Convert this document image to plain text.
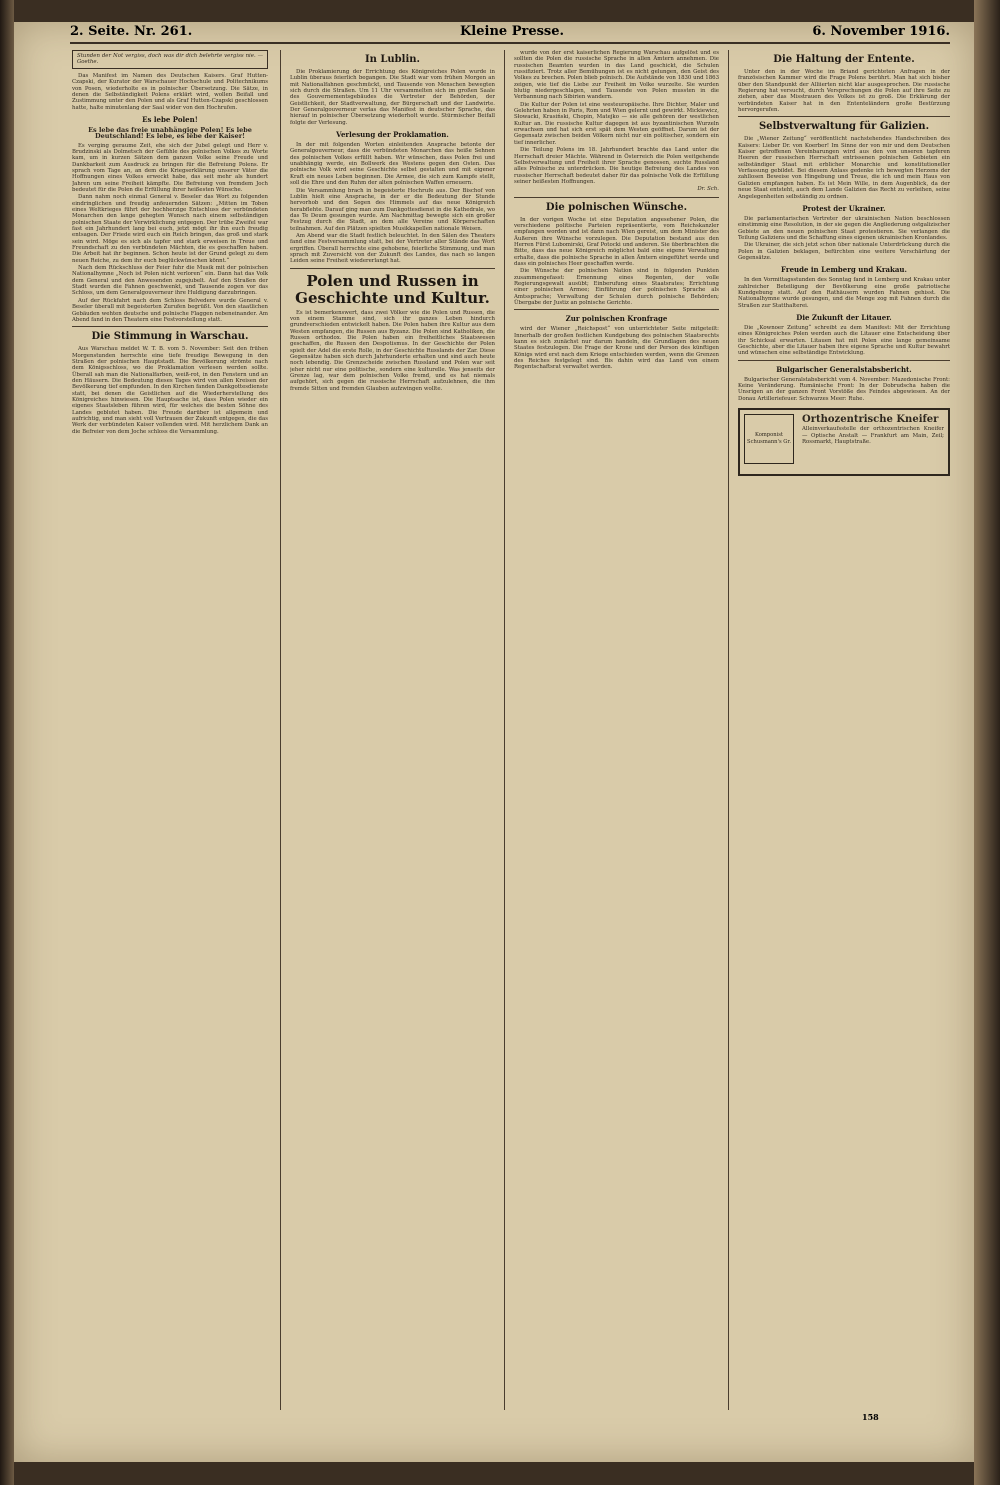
2. Seite. Nr. 261.	Kleine Presse.	6. November 1916.
Stunden der Not vergiss, doch was dir dich belehrte vergiss nie. — Goethe.

Das Manifest im Namen des Deutschen Kaisers. Graf Hutten-Czapski, der Kurator der Warschauer Hochschule und Politechnikums von Posen, wiederholte es in polnischer Übersetzung. Die Sätze, in denen die Selbständigkeit Polens erklärt wird, wollen Beifall und Zustimmung unter den Polen und als Graf Hutten-Czapski geschlossen hatte, halte minutenlang der Saal wider von den Hochrufen.

Es lebe Polen!
Es lebe das freie unabhängige Polen! Es lebe Deutschland! Es lebe, es lebe der Kaiser!

Es verging geraume Zeit, ehe sich der Jubel gelegt und Herr v. Brudzinski als Dolmetsch der Gefühle des polnischen Volkes zu Worte kam, um in kurzen Sätzen dem ganzen Volke seine Freude und Dankbarkeit zum Ausdruck zu bringen für die Befreiung Polens. Er sprach vom Tage an, an dem die Kriegserklärung unserer Väter die Hoffnungen eines Volkes erweckt habe, das seit mehr als hundert Jahren um seine Freiheit kämpfte. Die Befreiung von fremdem Joch bedeutet für die Polen die Erfüllung ihrer heißesten Wünsche.

Dann nahm noch einmal General v. Beseler das Wort zu folgenden eindringlichen und freudig anfeuernden Sätzen: „Mitten im Toben eines Weltkrieges führt der hochherzige Entschluss der verbündeten Monarchen den lange gehegten Wunsch nach einem selbständigen polnischen Staate der Verwirklichung entgegen. Der trübe Zweifel war fast ein Jahrhundert lang bei euch, jetzt mögt ihr ihn euch freudig entsagen. Der Friede wird euch ein Reich bringen, das groß und stark sein wird. Möge es sich als tapfer und stark erweisen in Treue und Freundschaft zu den verbündeten Mächten, die es geschaffen haben. Die Arbeit hat ihr beginnen. Schon heute ist der Grund gelegt zu dem neuen Reiche, zu dem ihr euch beglückwünschen könnt.“

Nach dem Rückschluss der Feier fuhr die Musik mit der polnischen Nationalhymne „Noch ist Polen nicht verloren“ ein. Dann hat das Volk dem General und den Anwesenden zugejubelt. Auf den Straßen der Stadt wurden die Fahnen geschwenkt, und Tausende zogen vor das Schloss, um dem Generalgouverneur ihre Huldigung darzubringen.

Auf der Rückfahrt nach dem Schloss Belvedere wurde General v. Beseler überall mit begeisterten Zurufen begrüßt. Von den staatlichen Gebäuden wehten deutsche und polnische Flaggen nebeneinander. Am Abend fand in den Theatern eine Festvorstellung statt.

Die Stimmung in Warschau.

Aus Warschau meldet W. T. B. vom 5. November: Seit den frühen Morgenstunden herrschte eine tiefe freudige Bewegung in den Straßen der polnischen Hauptstadt. Die Bevölkerung strömte nach dem Königsschloss, wo die Proklamation verlesen werden sollte. Überall sah man die Nationalfarben, weiß-rot, in den Fenstern und an den Häusern. Die Bedeutung dieses Tages wird von allen Kreisen der Bevölkerung tief empfunden. In den Kirchen fanden Dankgottesdienste statt, bei denen die Geistlichen auf die Wiederherstellung des Königreiches hinwiesen. Die Hauptsache ist, dass Polen wieder ein eigenes Staatsleben führen wird, für welches die besten Söhne des Landes geblutet haben. Die Freude darüber ist allgemein und aufrichtig, und man sieht voll Vertrauen der Zukunft entgegen, die das Werk der verbündeten Kaiser vollenden wird. Mit herzlichem Dank an die Befreier von dem Joche schloss die Versammlung.

In Lublin.

Die Proklamierung der Errichtung des Königreiches Polen wurde in Lublin überaus feierlich begangen. Die Stadt war vom frühen Morgen an mit Nationalfahnen geschmückt, und Tausende von Menschen bewegten sich durch die Straßen. Um 11 Uhr versammelten sich im großen Saale des Gouvernementsgebäudes die Vertreter der Behörden, der Geistlichkeit, der Stadtverwaltung, der Bürgerschaft und der Landwirte. Der Generalgouverneur verlas das Manifest in deutscher Sprache, das hierauf in polnischer Übersetzung wiederholt wurde. Stürmischer Beifall folgte der Verlesung.

Verlesung der Proklamation.

In der mit folgenden Worten einleitenden Ansprache betonte der Generalgouverneur, dass die verbündeten Monarchen das heiße Sehnen des polnischen Volkes erfüllt haben. Wir wünschen, dass Polen frei und unabhängig werde, ein Bollwerk des Westens gegen den Osten. Das polnische Volk wird seine Geschichte selbst gestalten und mit eigener Kraft ein neues Leben beginnen. Die Armee, die sich zum Kampfe stellt, soll die Ehre und den Ruhm der alten polnischen Waffen erneuern.

Die Versammlung brach in begeisterte Hochrufe aus. Der Bischof von Lublin hielt eine Ansprache, in der er die Bedeutung der Stunde hervorhob und den Segen des Himmels auf das neue Königreich herabflehte. Darauf ging man zum Dankgottesdienst in die Kathedrale, wo das Te Deum gesungen wurde. Am Nachmittag bewegte sich ein großer Festzug durch die Stadt, an dem alle Vereine und Körperschaften teilnahmen. Auf den Plätzen spielten Musikkapellen nationale Weisen.

Am Abend war die Stadt festlich beleuchtet. In den Sälen des Theaters fand eine Festversammlung statt, bei der Vertreter aller Stände das Wort ergriffen. Überall herrschte eine gehobene, feierliche Stimmung, und man sprach mit Zuversicht von der Zukunft des Landes, das nach so langen Leiden seine Freiheit wiedererlangt hat.

Polen und Russen in Geschichte und Kultur.

Es ist bemerkenswert, dass zwei Völker wie die Polen und Russen, die von einem Stamme sind, sich ihr ganzes Leben hindurch grundverschieden entwickelt haben. Die Polen haben ihre Kultur aus dem Westen empfangen, die Russen aus Byzanz. Die Polen sind Katholiken, die Russen orthodox. Die Polen haben ein freiheitliches Staatswesen geschaffen, die Russen den Despotismus. In der Geschichte der Polen spielt der Adel die erste Rolle, in der Geschichte Russlands der Zar. Diese Gegensätze haben sich durch Jahrhunderte erhalten und sind auch heute noch lebendig. Die Grenzscheide zwischen Russland und Polen war seit jeher nicht nur eine politische, sondern eine kulturelle. Was jenseits der Grenze lag, war dem polnischen Volke fremd, und es hat niemals aufgehört, sich gegen die russische Herrschaft aufzulehnen, die ihm fremde Sitten und fremden Glauben aufzwingen wollte.

wurde von der erst kaiserlichen Regierung Warschau aufgelöst und es sollten die Polen die russische Sprache in allen Ämtern annehmen. Die russischen Beamten wurden in das Land geschickt, die Schulen russifiziert. Trotz aller Bemühungen ist es nicht gelungen, den Geist des Volkes zu brechen. Polen blieb polnisch. Die Aufstände von 1830 und 1863 zeigen, wie tief die Liebe zur Freiheit im Volke wurzelte. Sie wurden blutig niedergeschlagen, und Tausende von Polen mussten in die Verbannung nach Sibirien wandern.

Die Kultur der Polen ist eine westeuropäische. Ihre Dichter, Maler und Gelehrten haben in Paris, Rom und Wien gelernt und gewirkt. Mickiewicz, Słowacki, Krasiński, Chopin, Matejko — sie alle gehören der westlichen Kultur an. Die russische Kultur dagegen ist aus byzantinischen Wurzeln erwachsen und hat sich erst spät dem Westen geöffnet. Darum ist der Gegensatz zwischen beiden Völkern nicht nur ein politischer, sondern ein tief innerlicher.

Die Teilung Polens im 18. Jahrhundert brachte das Land unter die Herrschaft dreier Mächte. Während in Österreich die Polen weitgehende Selbstverwaltung und Freiheit ihrer Sprache genossen, suchte Russland alles Polnische zu unterdrücken. Die heutige Befreiung des Landes von russischer Herrschaft bedeutet daher für das polnische Volk die Erfüllung seiner heißesten Hoffnungen.

Dr. Sch.
Die polnischen Wünsche.

In der vorigen Woche ist eine Deputation angesehener Polen, die verschiedene politische Parteien repräsentierte, vom Reichskanzler empfangen worden und ist dann nach Wien gereist, um dem Minister des Äußeren ihre Wünsche vorzulegen. Die Deputation bestand aus den Herren Fürst Lubomirski, Graf Potocki und anderen. Sie überbrachten die Bitte, dass das neue Königreich möglichst bald eine eigene Verwaltung erhalte, dass die polnische Sprache in allen Ämtern eingeführt werde und dass ein polnisches Heer geschaffen werde.

Die Wünsche der polnischen Nation sind in folgenden Punkten zusammengefasst: Ernennung eines Regenten, der volle Regierungsgewalt ausübt; Einberufung eines Staatsrates; Errichtung einer polnischen Armee; Einführung der polnischen Sprache als Amtssprache; Verwaltung der Schulen durch polnische Behörden; Übergabe der Justiz an polnische Gerichte.

Zur polnischen Kronfrage

wird der Wiener „Reichspost“ von unterrichteter Seite mitgeteilt: Innerhalb der großen festlichen Kundgebung des polnischen Staatsrechts kann es sich zunächst nur darum handeln, die Grundlagen des neuen Staates festzulegen. Die Frage der Krone und der Person des künftigen Königs wird erst nach dem Kriege entschieden werden, wenn die Grenzen des Reiches festgelegt sind. Bis dahin wird das Land von einem Regentschaftsrat verwaltet werden.

Die Haltung der Entente.

Unter den in der Woche im Briand gerichteten Anfragen in der französischen Kammer wird die Frage Polens berührt. Man hat sich bisher über den Standpunkt der Alliierten nicht klar ausgesprochen. Die russische Regierung hat versucht, durch Versprechungen die Polen auf ihre Seite zu ziehen, aber das Misstrauen des Volkes ist zu groß. Die Erklärung der verbündeten Kaiser hat in den Ententeländern große Bestürzung hervorgerufen.

Selbstverwaltung für Galizien.

Die „Wiener Zeitung“ veröffentlicht nachstehendes Handschreiben des Kaisers: Lieber Dr. von Koerber! Im Sinne der von mir und dem Deutschen Kaiser getroffenen Vereinbarungen wird aus den von unseren tapferen Heeren der russischen Herrschaft entrissenen polnischen Gebieten ein selbständiger Staat mit erblicher Monarchie und konstitutioneller Verfassung gebildet. Bei diesem Anlass gedenke ich bewegten Herzens der zahllosen Beweise von Hingebung und Treue, die ich und mein Haus von Galizien empfangen haben. Es ist Mein Wille, in dem Augenblick, da der neue Staat entsteht, auch dem Lande Galizien das Recht zu verleihen, seine Angelegenheiten selbständig zu ordnen.

Protest der Ukrainer.

Die parlamentarischen Vertreter der ukrainischen Nation beschlossen einstimmig eine Resolution, in der sie gegen die Angliederung ostgalizischer Gebiete an den neuen polnischen Staat protestieren. Sie verlangen die Teilung Galiziens und die Schaffung eines eigenen ukrainischen Kronlandes.

Die Ukrainer, die sich jetzt schon über nationale Unterdrückung durch die Polen in Galizien beklagen, befürchten eine weitere Verschärfung der Gegensätze.

Freude in Lemberg und Krakau.

In den Vormittagsstunden des Sonntag fand in Lemberg und Krakau unter zahlreicher Beteiligung der Bevölkerung eine große patriotische Kundgebung statt. Auf den Rathäusern wurden Fahnen gehisst. Die Nationalhymne wurde gesungen, und die Menge zog mit Fahnen durch die Straßen zur Statthalterei.

Die Zukunft der Litauer.

Die „Kownoer Zeitung“ schreibt zu dem Manifest: Mit der Errichtung eines Königreiches Polen werden auch die Litauer eine Entscheidung über ihr Schicksal erwarten. Litauen hat mit Polen eine lange gemeinsame Geschichte, aber die Litauer haben ihre eigene Sprache und Kultur bewahrt und wünschen eine selbständige Entwicklung.

Bulgarischer Generalstabsbericht.

Bulgarischer Generalstabsbericht vom 4. November: Mazedonische Front: Keine Veränderung. Rumänische Front: In der Dobrudscha haben die Unsrigen an der ganzen Front Vorstöße des Feindes abgewiesen. An der Donau Artilleriefeuer. Schwarzes Meer: Ruhe.

Komponist Schusmann's Gr.
Orthozentrische Kneifer
Alleinverkaufsstelle der orthozentrischen Kneifer — Optische Anstalt — Frankfurt am Main, Zeil; Rossmarkt, Hauptstraße.
158
